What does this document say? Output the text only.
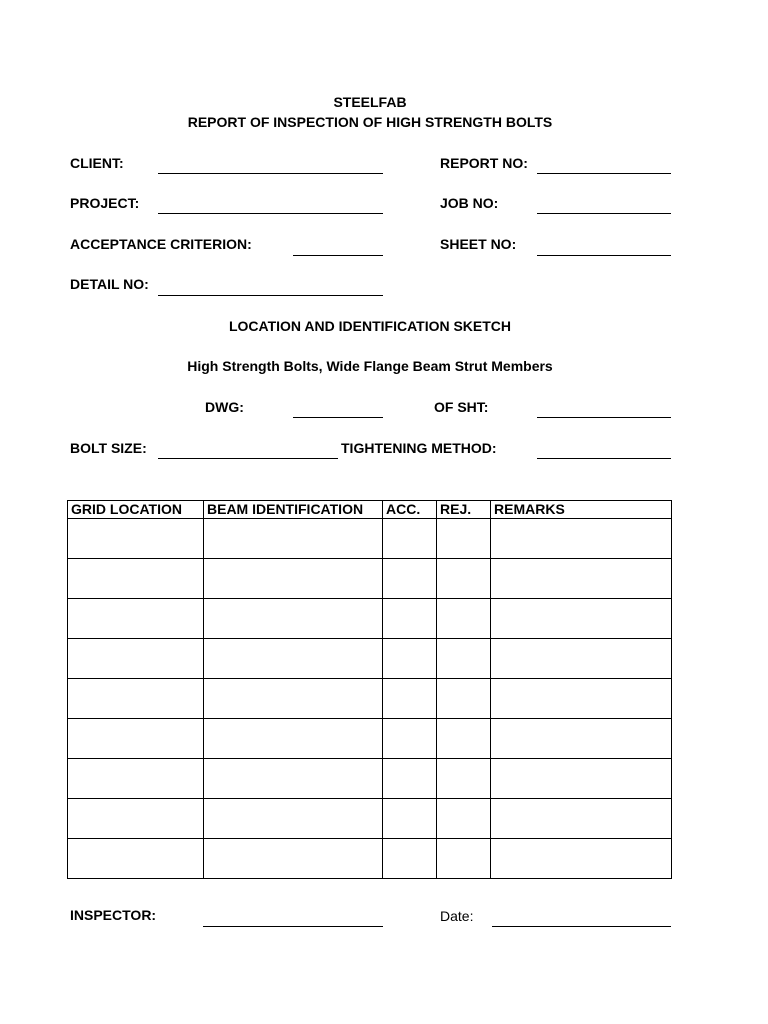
STEELFAB
REPORT OF INSPECTION OF HIGH STRENGTH BOLTS
CLIENT:	REPORT NO:
PROJECT:	JOB NO:
ACCEPTANCE CRITERION:	SHEET NO:
DETAIL NO:
LOCATION AND IDENTIFICATION SKETCH
High Strength Bolts, Wide Flange Beam Strut Members
DWG:	OF SHT:
BOLT SIZE:	TIGHTENING METHOD:
GRID LOCATION	BEAM IDENTIFICATION	ACC.	REJ.	REMARKS

INSPECTOR:	Date:
